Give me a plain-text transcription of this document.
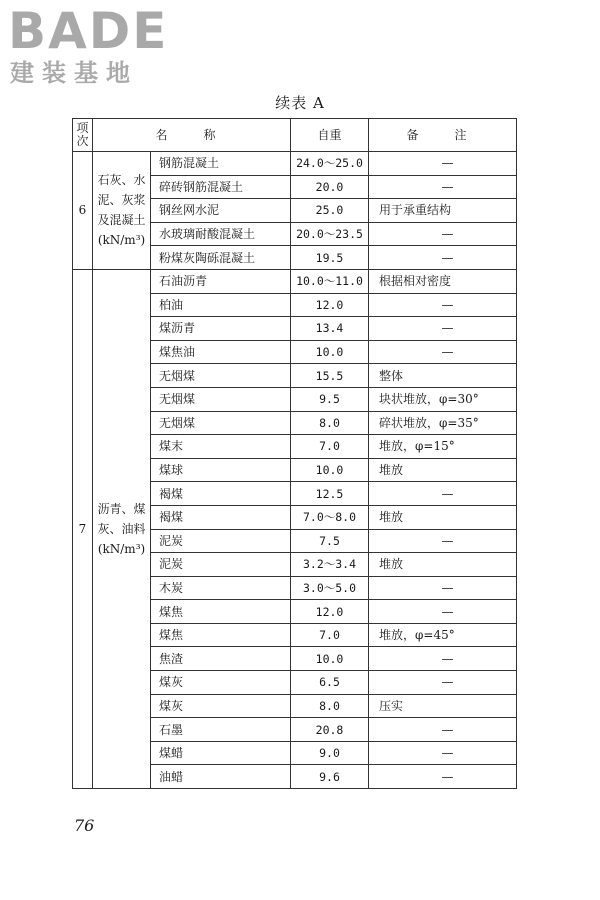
BADE
建装基地
续表 A
项次	名　称		自重	备　注
6	石灰、水泥、灰浆及混凝土(kN/m³)	钢筋混凝土	24.0～25.0	—
		碎砖钢筋混凝土	20.0	—
		钢丝网水泥	25.0	用于承重结构
		水玻璃耐酸混凝土	20.0～23.5	—
		粉煤灰陶砾混凝土	19.5	—
7	沥青、煤灰、油料(kN/m³)	石油沥青	10.0～11.0	根据相对密度
		柏油	12.0	—
		煤沥青	13.4	—
		煤焦油	10.0	—
		无烟煤	15.5	整体
		无烟煤	9.5	块状堆放，φ=30°
		无烟煤	8.0	碎状堆放，φ=35°
		煤末	7.0	堆放，φ=15°
		煤球	10.0	堆放
		褐煤	12.5	—
		褐煤	7.0～8.0	堆放
		泥炭	7.5	—
		泥炭	3.2～3.4	堆放
		木炭	3.0～5.0	—
		煤焦	12.0	—
		煤焦	7.0	堆放，φ=45°
		焦渣	10.0	—
		煤灰	6.5	—
		煤灰	8.0	压实
		石墨	20.8	—
		煤蜡	9.0	—
		油蜡	9.6	—
76
